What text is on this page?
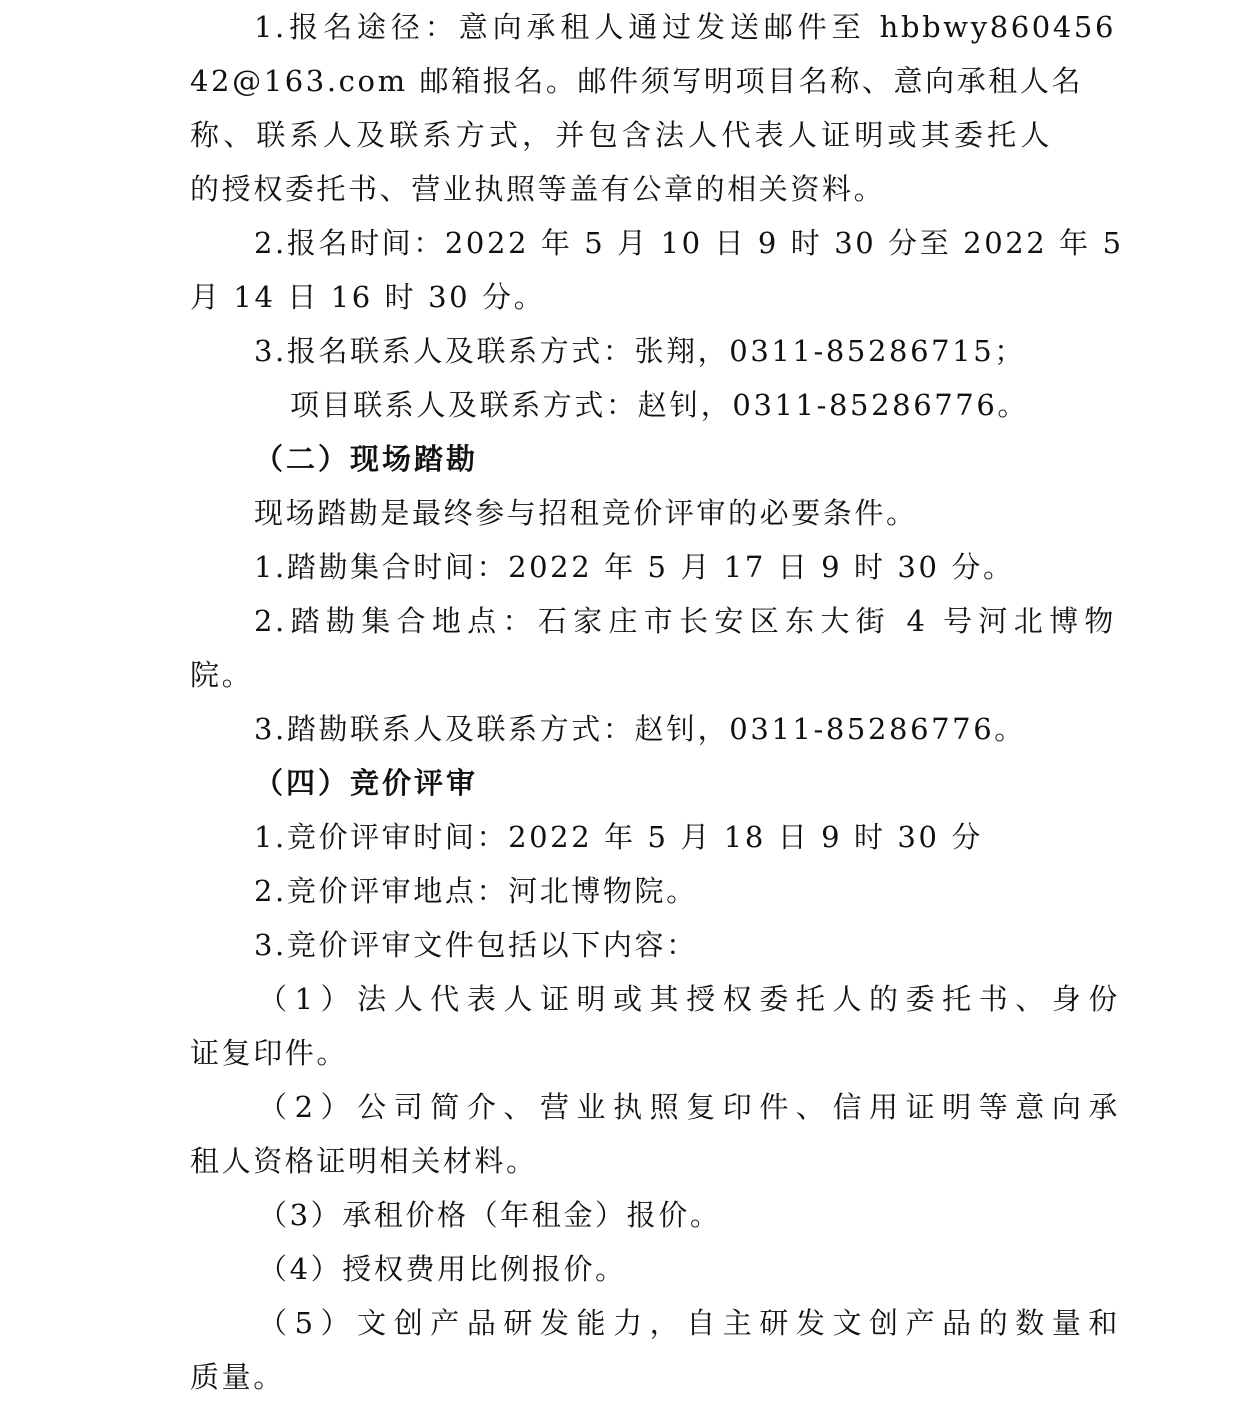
1.报名途径：意向承租人通过发送邮件至 hbbwy860456
42@163.com 邮箱报名。邮件须写明项目名称、意向承租人名
称、联系人及联系方式，并包含法人代表人证明或其委托人
的授权委托书、营业执照等盖有公章的相关资料。
2.报名时间：2022 年 5 月 10 日 9 时 30 分至 2022 年 5
月 14 日 16 时 30 分。
3.报名联系人及联系方式：张翔，0311-85286715；
项目联系人及联系方式：赵钊，0311-85286776。
（二）现场踏勘
现场踏勘是最终参与招租竞价评审的必要条件。
1.踏勘集合时间：2022 年 5 月 17 日 9 时 30 分。
2.踏勘集合地点：石家庄市长安区东大街 4 号河北博物
院。
3.踏勘联系人及联系方式：赵钊，0311-85286776。
（四）竞价评审
1.竞价评审时间：2022 年 5 月 18 日 9 时 30 分
2.竞价评审地点：河北博物院。
3.竞价评审文件包括以下内容：
（1）法人代表人证明或其授权委托人的委托书、身份
证复印件。
（2）公司简介、营业执照复印件、信用证明等意向承
租人资格证明相关材料。
（3）承租价格（年租金）报价。
（4）授权费用比例报价。
（5）文创产品研发能力，自主研发文创产品的数量和
质量。
